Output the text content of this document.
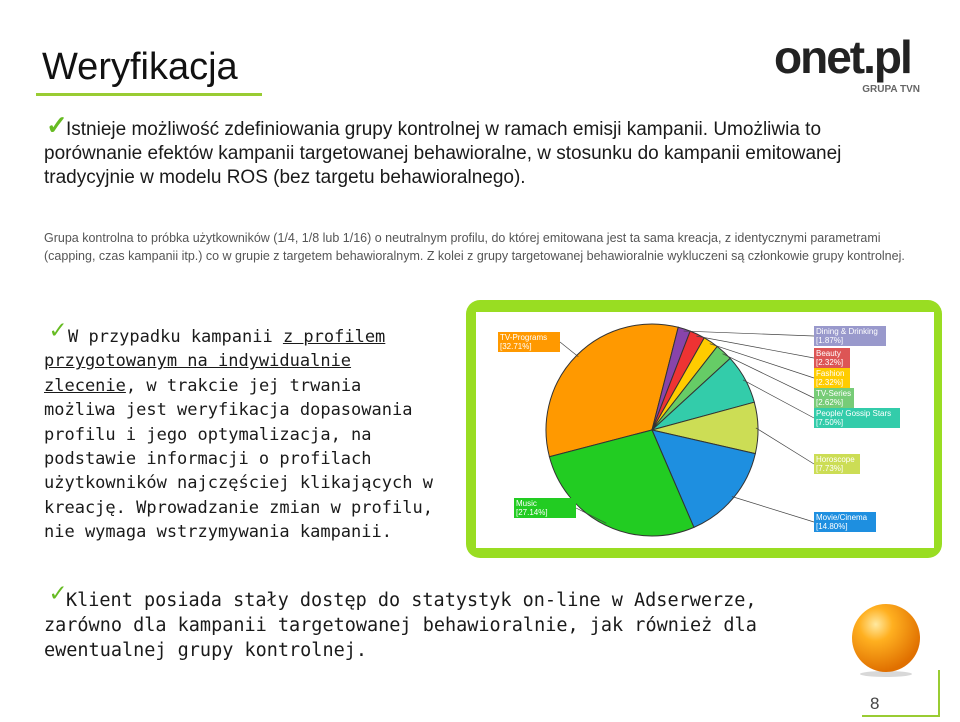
Weryfikacja	onet.pl
GRUPA TVN
✓
Istnieje możliwość zdefiniowania grupy kontrolnej w ramach emisji kampanii. Umożliwia to porównanie efektów kampanii targetowanej behawioralne, w stosunku do kampanii emitowanej tradycyjnie w modelu ROS (bez targetu behawioralnego).
Grupa kontrolna to próbka użytkowników (1/4, 1/8 lub 1/16) o neutralnym profilu, do której emitowana jest ta sama kreacja, z identycznymi parametrami (capping, czas kampanii itp.) co w grupie z targetem behawioralnym. Z kolei z grupy targetowanej behawioralnie wykluczeni są członkowie grupy kontrolnej.
✓ W przypadku kampanii z profilem przygotowanym na indywidualnie zlecenie, w trakcie jej trwania możliwa jest weryfikacja dopasowania profilu i jego optymalizacja, na podstawie informacji o profilach użytkowników najczęściej klikających w kreację. Wprowadzanie zmian w profilu, nie wymaga wstrzymywania kampanii.
TV-Programs
[32.71%]
Music
[27.14%]
Dining & Drinking
[1.87%]
Beauty
[2.32%]
Fashion
[2.32%]
TV-Series
[2.62%]
People/ Gossip Stars
[7.50%]
Horoscope
[7.73%]
Movie/Cinema
[14.80%]
✓ Klient posiada stały dostęp do statystyk on-line w Adserwerze, zarówno dla kampanii targetowanej behawioralnie, jak również dla ewentualnej grupy kontrolnej.
8
